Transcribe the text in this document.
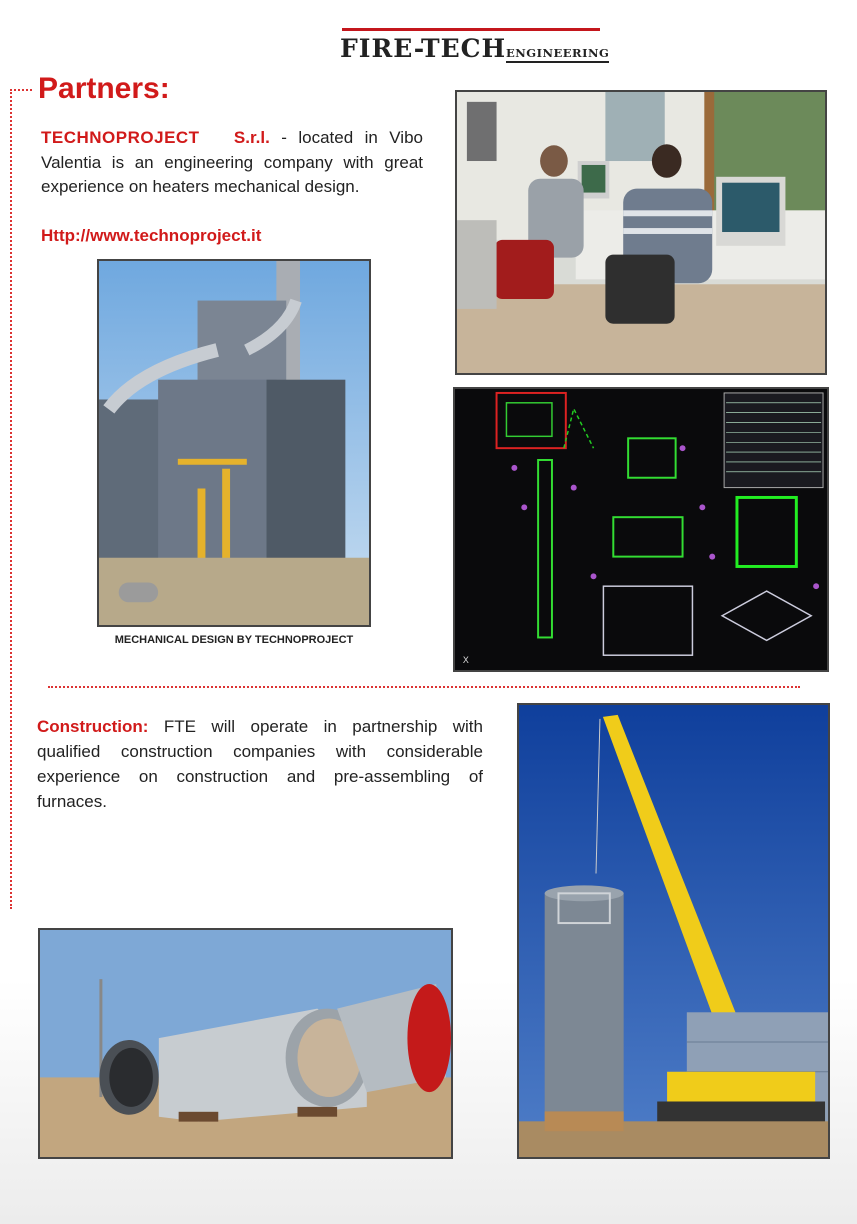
FIRE-TECH ENGINEERING
Partners:
TECHNOPROJECT S.r.l. - located in Vibo Valentia is an engineering company with great experience on heaters mechanical design.
Http://www.technoproject.it
MECHANICAL DESIGN BY TECHNOPROJECT
X
Construction: FTE will operate in partnership with qualified construction companies with considerable experience on construction and pre-assembling of furnaces.
